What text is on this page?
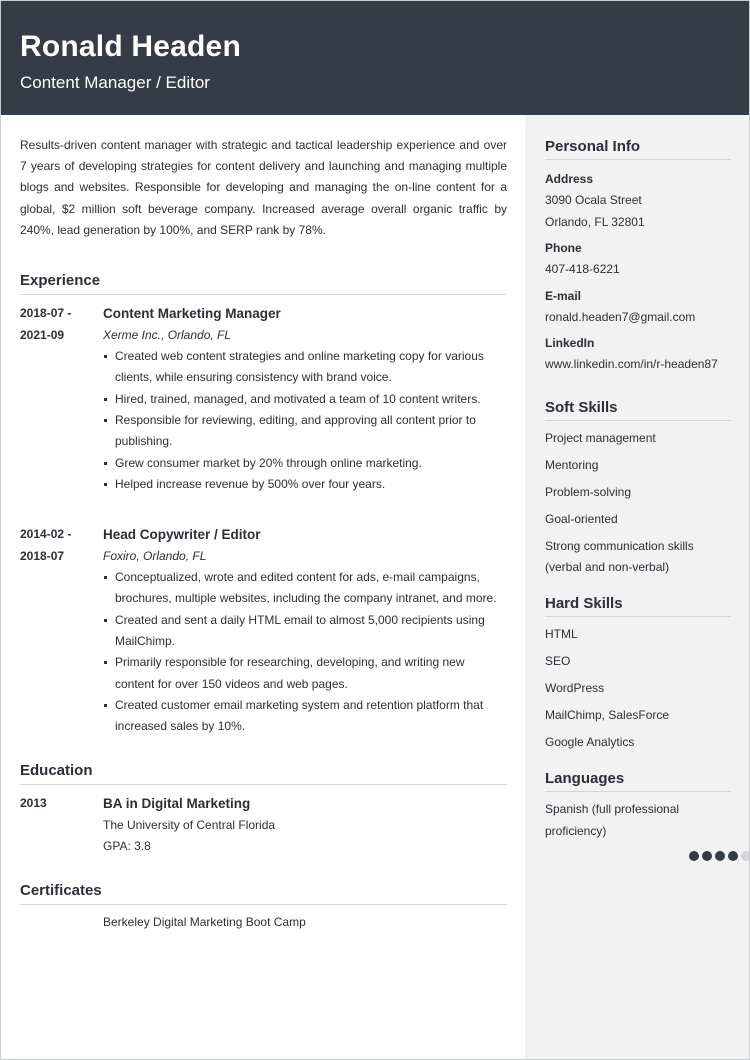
Ronald Headen
Content Manager / Editor
Personal Info
Address
3090 Ocala Street
Orlando, FL 32801
Phone
407-418-6221
E-mail
ronald.headen7@gmail.com
LinkedIn
www.linkedin.com/in/r-headen87
Soft Skills
Project management
Mentoring
Problem-solving
Goal-oriented
Strong communication skills (verbal and non-verbal)
Hard Skills
HTML
SEO
WordPress
MailChimp, SalesForce
Google Analytics
Languages
Spanish (full professional proficiency)
Results-driven content manager with strategic and tactical leadership experience and over 7 years of developing strategies for content delivery and launching and managing multiple blogs and websites. Responsible for developing and managing the on-line content for a global, $2 million soft beverage company. Increased average overall organic traffic by 240%, lead generation by 100%, and SERP rank by 78%.
Experience
2018-07 -
2021-09
Content Marketing Manager
Xerme Inc., Orlando, FL
Created web content strategies and online marketing copy for various clients, while ensuring consistency with brand voice.
Hired, trained, managed, and motivated a team of 10 content writers.
Responsible for reviewing, editing, and approving all content prior to publishing.
Grew consumer market by 20% through online marketing.
Helped increase revenue by 500% over four years.
2014-02 -
2018-07
Head Copywriter / Editor
Foxiro, Orlando, FL
Conceptualized, wrote and edited content for ads, e-mail campaigns, brochures, multiple websites, including the company intranet, and more.
Created and sent a daily HTML email to almost 5,000 recipients using MailChimp.
Primarily responsible for researching, developing, and writing new content for over 150 videos and web pages.
Created customer email marketing system and retention platform that increased sales by 10%.
Education
2013	BA in Digital Marketing
The University of Central Florida
GPA: 3.8
Certificates
Berkeley Digital Marketing Boot Camp
